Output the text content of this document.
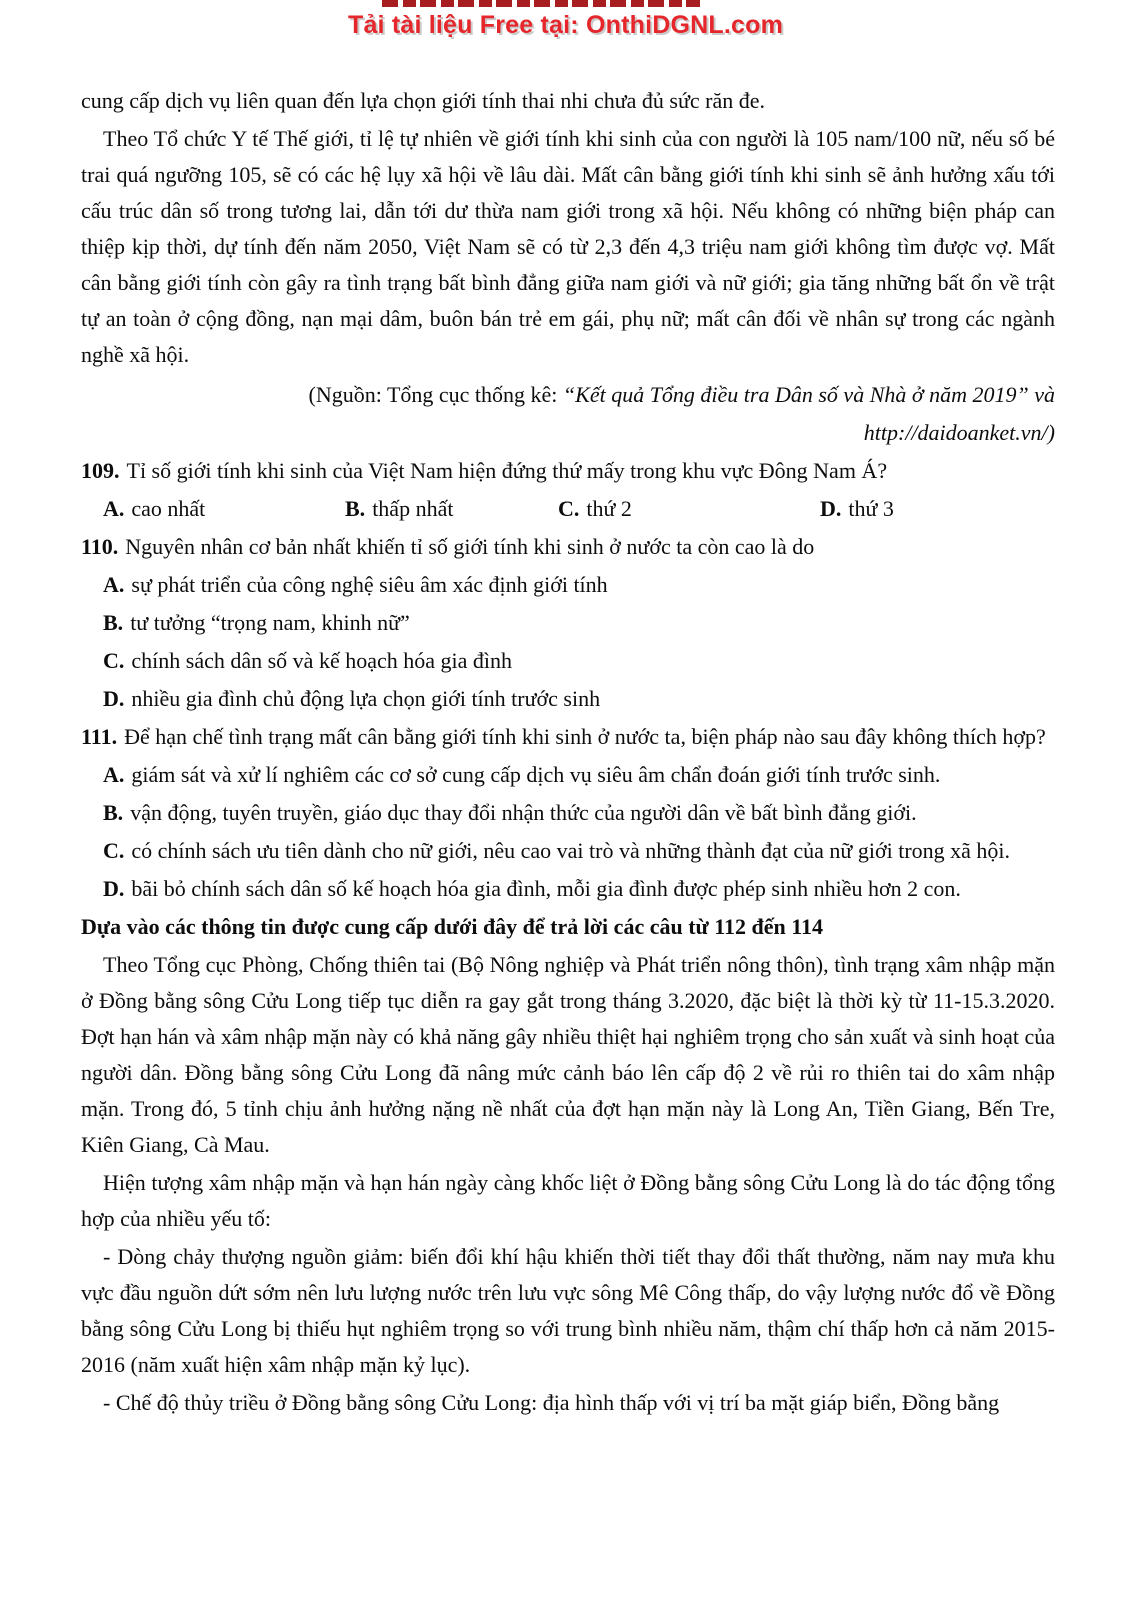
Tải tài liệu Free tại: OnthiDGNL.com

cung cấp dịch vụ liên quan đến lựa chọn giới tính thai nhi chưa đủ sức răn đe.

Theo Tổ chức Y tế Thế giới, tỉ lệ tự nhiên về giới tính khi sinh của con người là 105 nam/100 nữ, nếu số bé trai quá ngưỡng 105, sẽ có các hệ lụy xã hội về lâu dài. Mất cân bằng giới tính khi sinh sẽ ảnh hưởng xấu tới cấu trúc dân số trong tương lai, dẫn tới dư thừa nam giới trong xã hội. Nếu không có những biện pháp can thiệp kịp thời, dự tính đến năm 2050, Việt Nam sẽ có từ 2,3 đến 4,3 triệu nam giới không tìm được vợ. Mất cân bằng giới tính còn gây ra tình trạng bất bình đẳng giữa nam giới và nữ giới; gia tăng những bất ổn về trật tự an toàn ở cộng đồng, nạn mại dâm, buôn bán trẻ em gái, phụ nữ; mất cân đối về nhân sự trong các ngành nghề xã hội.

(Nguồn: Tổng cục thống kê: “Kết quả Tổng điều tra Dân số và Nhà ở năm 2019” và
http://daidoanket.vn/)

109. Tỉ số giới tính khi sinh của Việt Nam hiện đứng thứ mấy trong khu vực Đông Nam Á?

A. cao nhất	B. thấp nhất	C. thứ 2	D. thứ 3

110. Nguyên nhân cơ bản nhất khiến tỉ số giới tính khi sinh ở nước ta còn cao là do

A. sự phát triển của công nghệ siêu âm xác định giới tính

B. tư tưởng “trọng nam, khinh nữ”

C. chính sách dân số và kế hoạch hóa gia đình

D. nhiều gia đình chủ động lựa chọn giới tính trước sinh

111. Để hạn chế tình trạng mất cân bằng giới tính khi sinh ở nước ta, biện pháp nào sau đây không thích hợp?

A. giám sát và xử lí nghiêm các cơ sở cung cấp dịch vụ siêu âm chẩn đoán giới tính trước sinh.

B. vận động, tuyên truyền, giáo dục thay đổi nhận thức của người dân về bất bình đẳng giới.

C. có chính sách ưu tiên dành cho nữ giới, nêu cao vai trò và những thành đạt của nữ giới trong xã hội.

D. bãi bỏ chính sách dân số kế hoạch hóa gia đình, mỗi gia đình được phép sinh nhiều hơn 2 con.

Dựa vào các thông tin được cung cấp dưới đây để trả lời các câu từ 112 đến 114

Theo Tổng cục Phòng, Chống thiên tai (Bộ Nông nghiệp và Phát triển nông thôn), tình trạng xâm nhập mặn ở Đồng bằng sông Cửu Long tiếp tục diễn ra gay gắt trong tháng 3.2020, đặc biệt là thời kỳ từ 11-15.3.2020. Đợt hạn hán và xâm nhập mặn này có khả năng gây nhiều thiệt hại nghiêm trọng cho sản xuất và sinh hoạt của người dân. Đồng bằng sông Cửu Long đã nâng mức cảnh báo lên cấp độ 2 về rủi ro thiên tai do xâm nhập mặn. Trong đó, 5 tỉnh chịu ảnh hưởng nặng nề nhất của đợt hạn mặn này là Long An, Tiền Giang, Bến Tre, Kiên Giang, Cà Mau.

Hiện tượng xâm nhập mặn và hạn hán ngày càng khốc liệt ở Đồng bằng sông Cửu Long là do tác động tổng hợp của nhiều yếu tố:

- Dòng chảy thượng nguồn giảm: biến đổi khí hậu khiến thời tiết thay đổi thất thường, năm nay mưa khu vực đầu nguồn dứt sớm nên lưu lượng nước trên lưu vực sông Mê Công thấp, do vậy lượng nước đổ về Đồng bằng sông Cửu Long bị thiếu hụt nghiêm trọng so với trung bình nhiều năm, thậm chí thấp hơn cả năm 2015- 2016 (năm xuất hiện xâm nhập mặn kỷ lục).

- Chế độ thủy triều ở Đồng bằng sông Cửu Long: địa hình thấp với vị trí ba mặt giáp biển, Đồng bằng
